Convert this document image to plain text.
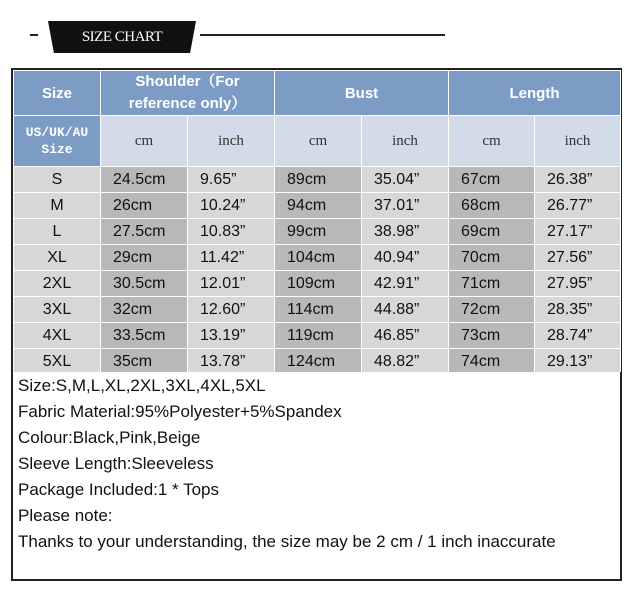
SIZE CHART
Size	Shoulder（For reference only）		Bust		Length	
US/UK/AU Size	cm	inch	cm	inch	cm	inch
S	24.5cm	9.65”	89cm	35.04”	67cm	26.38”
M	26cm	10.24”	94cm	37.01”	68cm	26.77”
L	27.5cm	10.83”	99cm	38.98”	69cm	27.17”
XL	29cm	11.42”	104cm	40.94”	70cm	27.56”
2XL	30.5cm	12.01”	109cm	42.91”	71cm	27.95”
3XL	32cm	12.60”	114cm	44.88”	72cm	28.35”
4XL	33.5cm	13.19”	119cm	46.85”	73cm	28.74”
5XL	35cm	13.78”	124cm	48.82”	74cm	29.13”
Size:S,M,L,XL,2XL,3XL,4XL,5XL
Fabric Material:95%Polyester+5%Spandex
Colour:Black,Pink,Beige
Sleeve Length:Sleeveless
Package Included:1 * Tops
Please note:
Thanks to your understanding, the size may be 2 cm / 1 inch inaccurate
